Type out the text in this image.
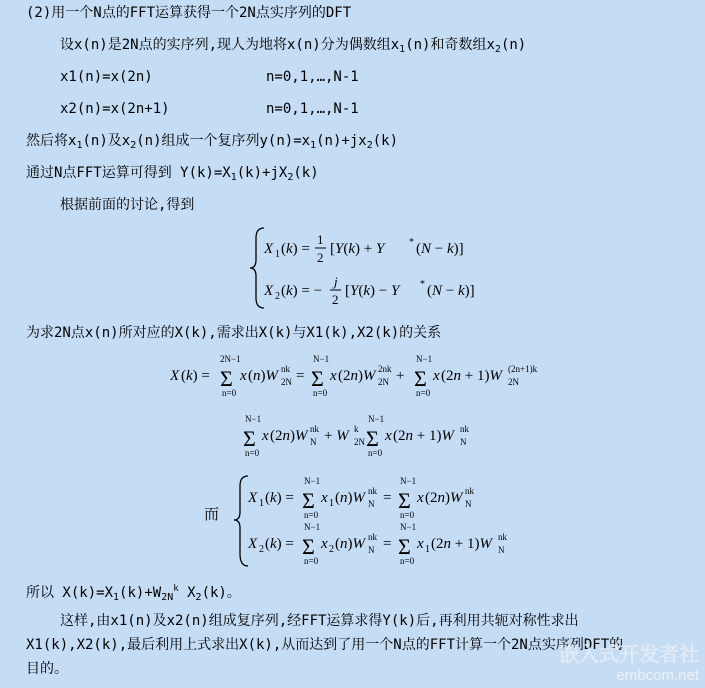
(2)用一个N点的FFT运算获得一个2N点实序列的DFT
设x(n)是2N点的实序列,现人为地将x(n)分为偶数组$x_1(n)$和奇数组$x_2(n)$
x1(n)=x(2n)	n=0,1,…,N-1
x2(n)=x(2n+1)	n=0,1,…,N-1
然后将$x_1(n)$及$x_2(n)$组成一个复序列$y(n)=x_1(n)+jx_2(k)$
通过N点FFT运算可得到 $Y(k)=X_1(k)+jX_2(k)$
根据前面的讨论,得到
X 1 (k) =
1
2
[Y(k) + Y * (N − k)]
X 2 (k) = −
j
2
[Y(k) − Y * (N − k)]
为求2N点x(n)所对应的X(k),需求出X(k)与X1(k),X2(k)的关系
X (k) =
2N−1
Σ
n=0
x (n)W 2N
nk =
N−1
Σ
n=0
x (2n)W 2N
2nk +
N−1
Σ
n=0
x (2n + 1)W 2N
(2n+1)k
N−1
Σ
n=0
x (2n)W N
nk + W 2N
k
N−1
Σ
n=0
x (2n + 1)W N
nk
而
X 1 (k) =
N−1
Σ
n=0
x 1 (n)W N
nk =
N−1
Σ
n=0
x (2n)W N
nk
X 2 (k) =
N−1
Σ
n=0
x 2 (n)W N
nk =
N−1
Σ
n=0
x 1 (2n + 1)W N
nk
所以 $X(k)=X_1(k)+W_{2N}^k$ $X_2(k)$。
这样,由x1(n)及x2(n)组成复序列,经FFT运算求得Y(k)后,再利用共轭对称性求出
X1(k),X2(k),最后利用上式求出X(k),从而达到了用一个N点的FFT计算一个2N点实序列DFT的
目的。
嵌入式开发者社
embcom.net
